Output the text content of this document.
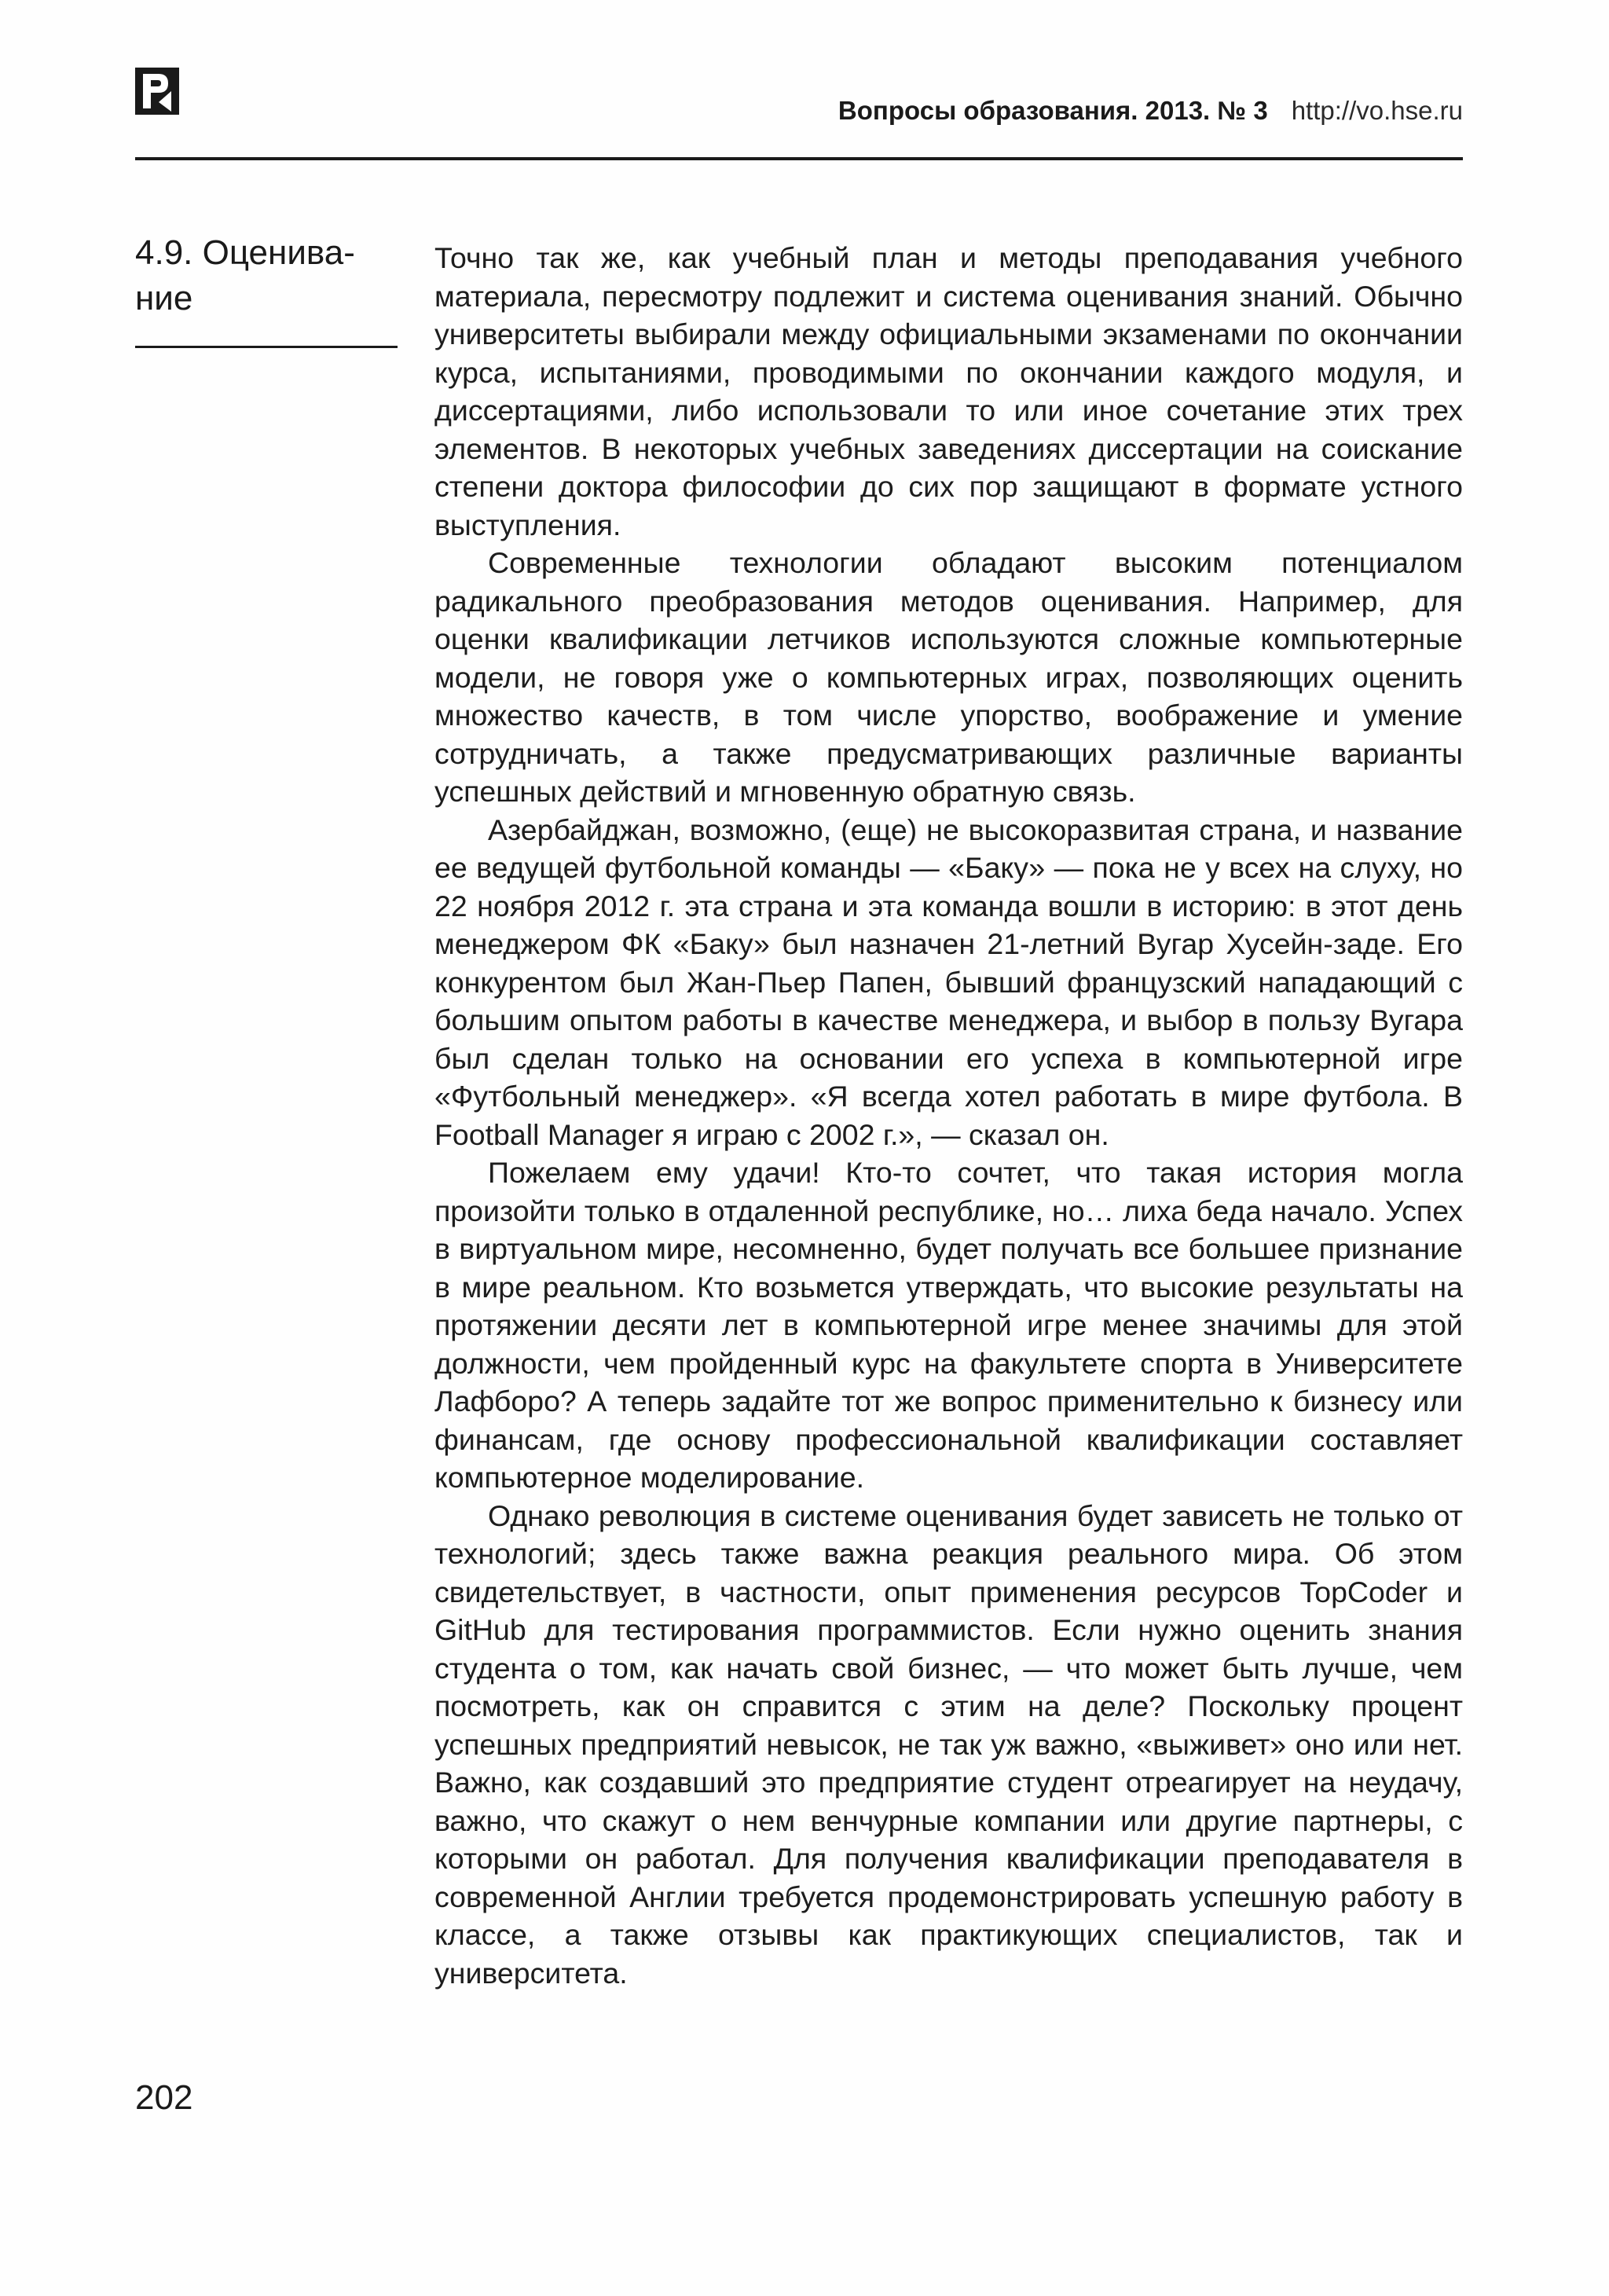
Вопросы образования. 2013. № 3 http://vo.hse.ru
4.9. Оценива-
ние

Точно так же, как учебный план и методы преподавания учебного материала, пересмотру подлежит и система оценивания знаний. Обычно университеты выбирали между официальными экзаменами по окончании курса, испытаниями, проводимыми по окончании каждого модуля, и диссертациями, либо использовали то или иное сочетание этих трех элементов. В некоторых учебных заведениях диссертации на соискание степени доктора философии до сих пор защищают в формате устного выступления.

Современные технологии обладают высоким потенциалом радикального преобразования методов оценивания. Например, для оценки квалификации летчиков используются сложные компьютерные модели, не говоря уже о компьютерных играх, позволяющих оценить множество качеств, в том числе упорство, воображение и умение сотрудничать, а также предусматривающих различные варианты успешных действий и мгновенную обратную связь.

Азербайджан, возможно, (еще) не высокоразвитая страна, и название ее ведущей футбольной команды — «Баку» — пока не у всех на слуху, но 22 ноября 2012 г. эта страна и эта команда вошли в историю: в этот день менеджером ФК «Баку» был назначен 21-летний Вугар Хусейн-заде. Его конкурентом был Жан-Пьер Папен, бывший французский нападающий с большим опытом работы в качестве менеджера, и выбор в пользу Вугара был сделан только на основании его успеха в компьютерной игре «Футбольный менеджер». «Я всегда хотел работать в мире футбола. В Football Manager я играю с 2002 г.», — сказал он.

Пожелаем ему удачи! Кто-то сочтет, что такая история могла произойти только в отдаленной республике, но… лиха беда начало. Успех в виртуальном мире, несомненно, будет получать все большее признание в мире реальном. Кто возьмется утверждать, что высокие результаты на протяжении десяти лет в компьютерной игре менее значимы для этой должности, чем пройденный курс на факультете спорта в Университете Лафборо? А теперь задайте тот же вопрос применительно к бизнесу или финансам, где основу профессиональной квалификации составляет компьютерное моделирование.

Однако революция в системе оценивания будет зависеть не только от технологий; здесь также важна реакция реального мира. Об этом свидетельствует, в частности, опыт применения ресурсов TopCoder и GitHub для тестирования программистов. Если нужно оценить знания студента о том, как начать свой бизнес, — что может быть лучше, чем посмотреть, как он справится с этим на деле? Поскольку процент успешных предприятий невысок, не так уж важно, «выживет» оно или нет. Важно, как создавший это предприятие студент отреагирует на неудачу, важно, что скажут о нем венчурные компании или другие партнеры, с которыми он работал. Для получения квалификации преподавателя в современной Англии требуется продемонстрировать успешную работу в классе, а также отзывы как практикующих специалистов, так и университета.

202
